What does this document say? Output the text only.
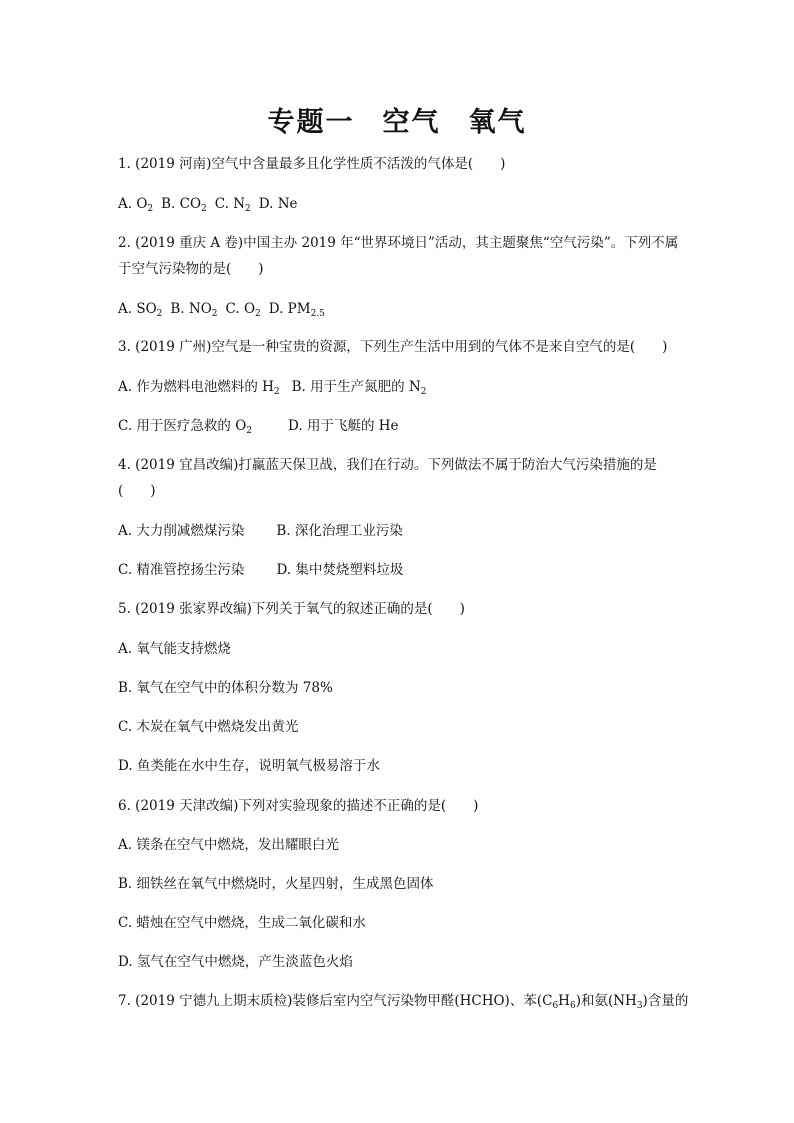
专题一 空气 氧气
1. (2019 河南)空气中含量最多且化学性质不活泼的气体是(　　)
A. $O_2$ B. $CO_2$ C. $N_2$ D. Ne
2. (2019 重庆 A 卷)中国主办 2019 年“世界环境日”活动，其主题聚焦“空气污染”。下列不属于空气污染物的是(　　)
A. $SO_2$ B. $NO_2$ C. $O_2$ D. $PM_{2.5}$
3. (2019 广州)空气是一种宝贵的资源，下列生产生活中用到的气体不是来自空气的是(　　)
A. 作为燃料电池燃料的 $H_2$ B. 用于生产氮肥的 $N_2$
C. 用于医疗急救的 $O_2$	D. 用于飞艇的 He
4. (2019 宜昌改编)打赢蓝天保卫战，我们在行动。下列做法不属于防治大气污染措施的是
(　　)
A. 大力削减燃煤污染 B. 深化治理工业污染
C. 精准管控扬尘污染 D. 集中焚烧塑料垃圾
5. (2019 张家界改编)下列关于氧气的叙述正确的是(　　)
A. 氧气能支持燃烧
B. 氧气在空气中的体积分数为 78%
C. 木炭在氧气中燃烧发出黄光
D. 鱼类能在水中生存，说明氧气极易溶于水
6. (2019 天津改编)下列对实验现象的描述不正确的是(　　)
A. 镁条在空气中燃烧，发出耀眼白光
B. 细铁丝在氧气中燃烧时，火星四射，生成黑色固体
C. 蜡烛在空气中燃烧，生成二氧化碳和水
D. 氢气在空气中燃烧，产生淡蓝色火焰
7. (2019 宁德九上期末质检)装修后室内空气污染物甲醛(HCHO)、苯$(C_6H_6)$和氨$(NH_3)$含量的
